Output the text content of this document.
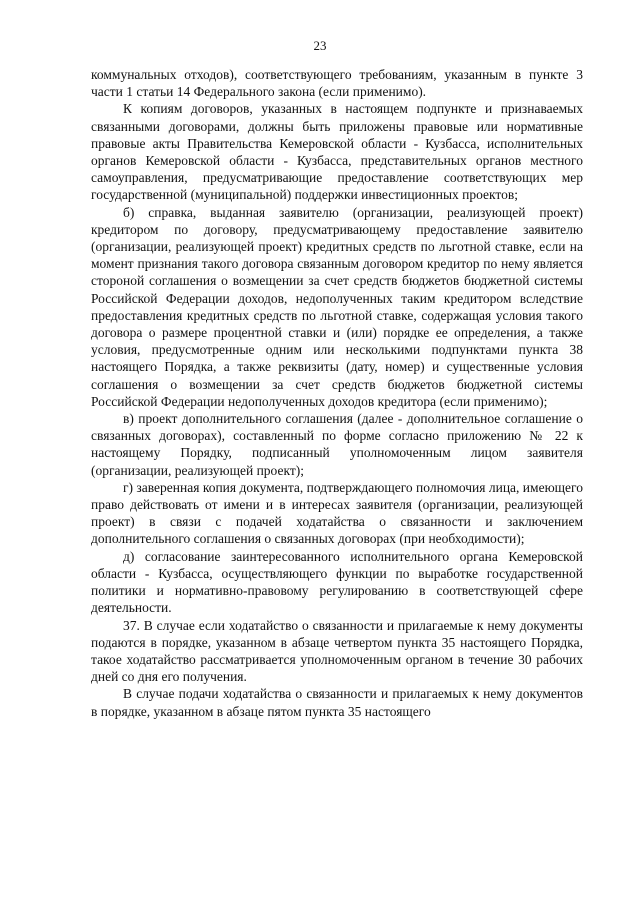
23

коммунальных отходов), соответствующего требованиям, указанным в пункте 3 части 1 статьи 14 Федерального закона (если применимо).

К копиям договоров, указанных в настоящем подпункте и признаваемых связанными договорами, должны быть приложены правовые или нормативные правовые акты Правительства Кемеровской области - Кузбасса, исполнительных органов Кемеровской области - Кузбасса, представительных органов местного самоуправления, предусматривающие предоставление соответствующих мер государственной (муниципальной) поддержки инвестиционных проектов;

б) справка, выданная заявителю (организации, реализующей проект) кредитором по договору, предусматривающему предоставление заявителю (организации, реализующей проект) кредитных средств по льготной ставке, если на момент признания такого договора связанным договором кредитор по нему является стороной соглашения о возмещении за счет средств бюджетов бюджетной системы Российской Федерации доходов, недополученных таким кредитором вследствие предоставления кредитных средств по льготной ставке, содержащая условия такого договора о размере процентной ставки и (или) порядке ее определения, а также условия, предусмотренные одним или несколькими подпунктами пункта 38 настоящего Порядка, а также реквизиты (дату, номер) и существенные условия соглашения о возмещении за счет средств бюджетов бюджетной системы Российской Федерации недополученных доходов кредитора (если применимо);

в) проект дополнительного соглашения (далее - дополнительное соглашение о связанных договорах), составленный по форме согласно приложению № 22 к настоящему Порядку, подписанный уполномоченным лицом заявителя (организации, реализующей проект);

г) заверенная копия документа, подтверждающего полномочия лица, имеющего право действовать от имени и в интересах заявителя (организации, реализующей проект) в связи с подачей ходатайства о связанности и заключением дополнительного соглашения о связанных договорах (при необходимости);

д) согласование заинтересованного исполнительного органа Кемеровской области - Кузбасса, осуществляющего функции по выработке государственной политики и нормативно-правовому регулированию в соответствующей сфере деятельности.

37. В случае если ходатайство о связанности и прилагаемые к нему документы подаются в порядке, указанном в абзаце четвертом пункта 35 настоящего Порядка, такое ходатайство рассматривается уполномоченным органом в течение 30 рабочих дней со дня его получения.

В случае подачи ходатайства о связанности и прилагаемых к нему документов в порядке, указанном в абзаце пятом пункта 35 настоящего
